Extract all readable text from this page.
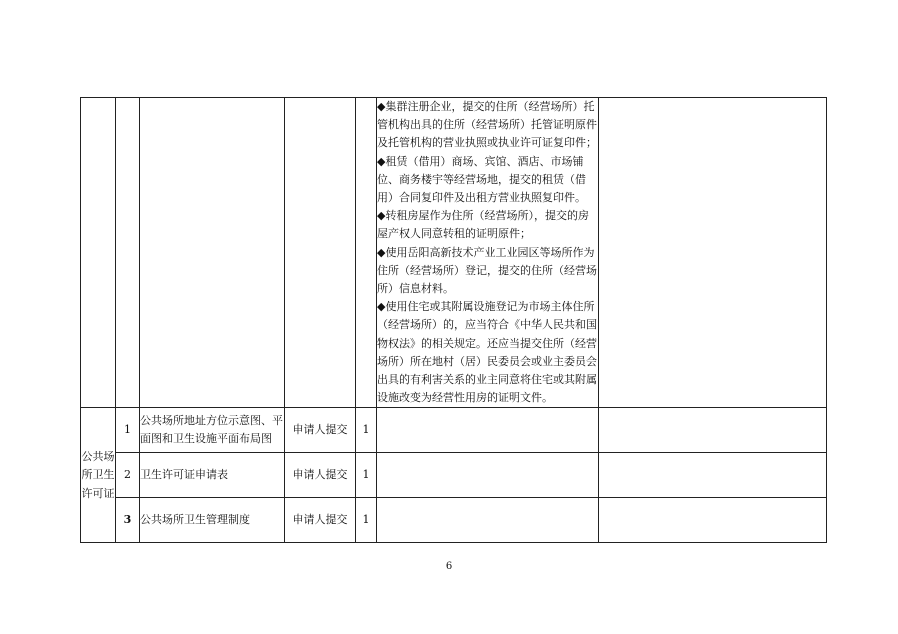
					◆集群注册企业，提交的住所（经营场所）托管机构出具的住所（经营场所）托管证明原件及托管机构的营业执照或执业许可证复印件；

◆租赁（借用）商场、宾馆、酒店、市场铺位、商务楼宇等经营场地，提交的租赁（借用）合同复印件及出租方营业执照复印件。

◆转租房屋作为住所（经营场所），提交的房屋产权人同意转租的证明原件；

◆使用岳阳高新技术产业工业园区等场所作为住所（经营场所）登记，提交的住所（经营场所）信息材料。

◆使用住宅或其附属设施登记为市场主体住所（经营场所）的，应当符合《中华人民共和国物权法》的相关规定。还应当提交住所（经营场所）所在地村（居）民委员会或业主委员会出具的有利害关系的业主同意将住宅或其附属设施改变为经营性用房的证明文件。	

公共场所卫生许可证	1	公共场所地址方位示意图、平面图和卫生设施平面布局图	申请人提交	1		
	2	卫生许可证申请表	申请人提交	1		
	3	公共场所卫生管理制度	申请人提交	1		
6
